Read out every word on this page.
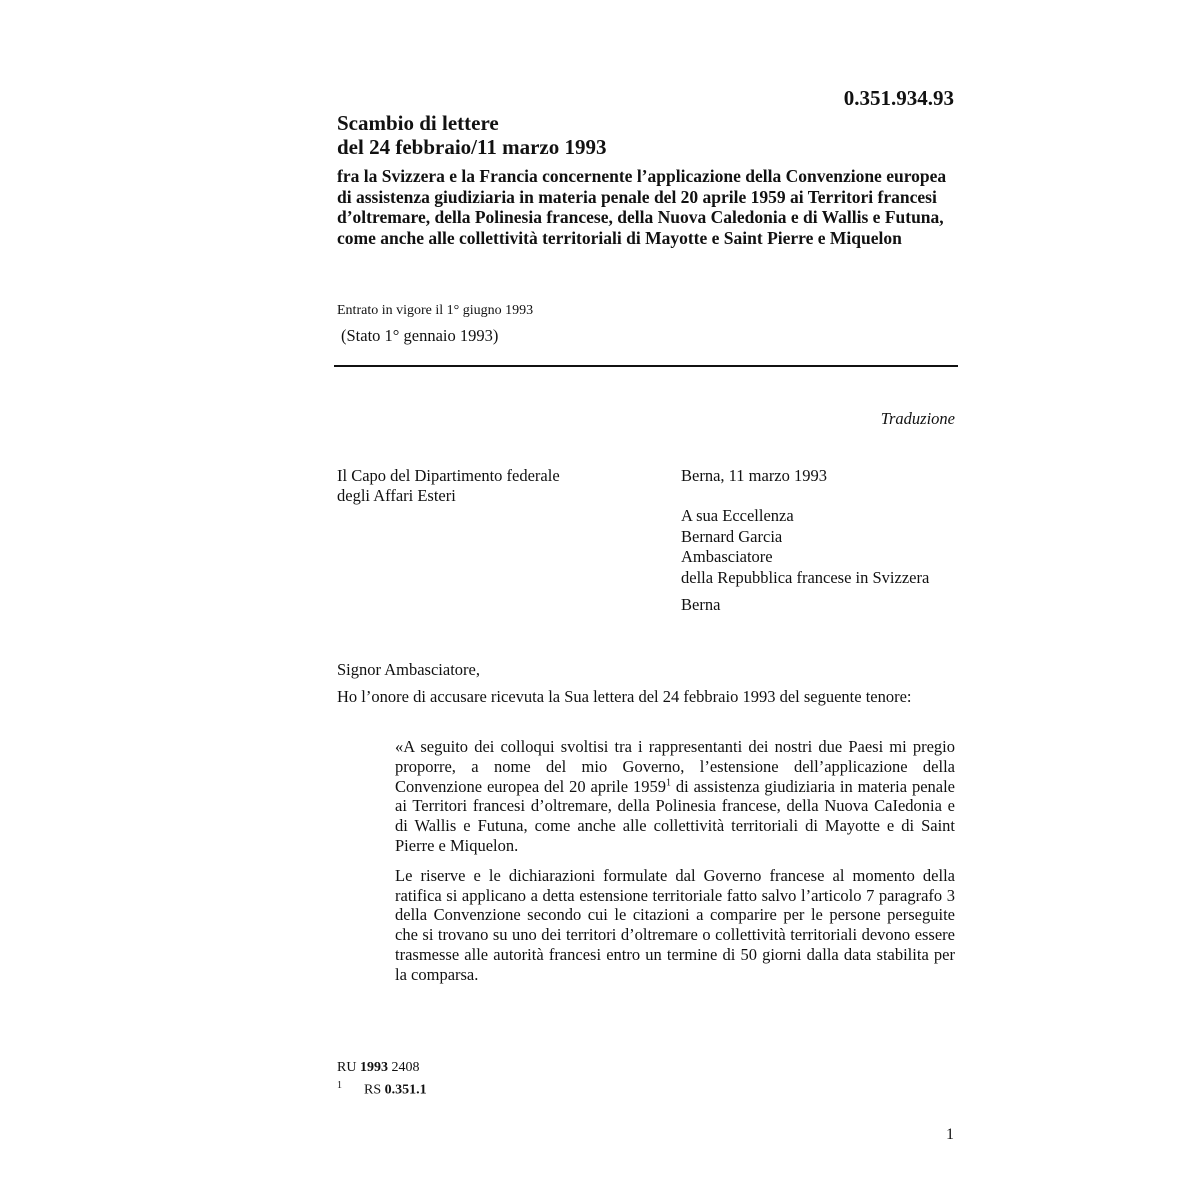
0.351.934.93
Scambio di lettere
del 24 febbraio/11 marzo 1993
fra la Svizzera e la Francia concernente l’applicazione della Convenzione europea di assistenza giudiziaria in materia penale del 20 aprile 1959 ai Territori francesi d’oltremare, della Polinesia francese, della Nuova Caledonia e di Wallis e Futuna, come anche alle collettività territoriali di Mayotte e Saint Pierre e Miquelon
Entrato in vigore il 1° giugno 1993
(Stato 1° gennaio 1993)
Traduzione
Il Capo del Dipartimento federale
degli Affari Esteri
Berna, 11 marzo 1993
A sua Eccellenza
Bernard Garcia
Ambasciatore
della Repubblica francese in Svizzera
Berna
Signor Ambasciatore,
Ho l’onore di accusare ricevuta la Sua lettera del 24 febbraio 1993 del seguente tenore:

«A seguito dei colloqui svoltisi tra i rappresentanti dei nostri due Paesi mi pregio proporre, a nome del mio Governo, l’estensione dell’applicazione della Convenzione europea del 20 aprile 1959$^1$ di assistenza giudiziaria in materia penale ai Territori francesi d’oltremare, della Polinesia francese, della Nuova CaIedonia e di Wallis e Futuna, come anche alle collettività territoriali di Mayotte e di Saint Pierre e Miquelon.

Le riserve e le dichiarazioni formulate dal Governo francese al momento della ratifica si applicano a detta estensione territoriale fatto salvo l’articolo 7 paragrafo 3 della Convenzione secondo cui le citazioni a comparire per le persone perseguite che si trovano su uno dei territori d’oltremare o collettività territoriali devono essere trasmesse alle autorità francesi entro un termine di 50 giorni dalla data stabilita per la comparsa.

RU 1993 2408
$^1$ RS 0.351.1
1
